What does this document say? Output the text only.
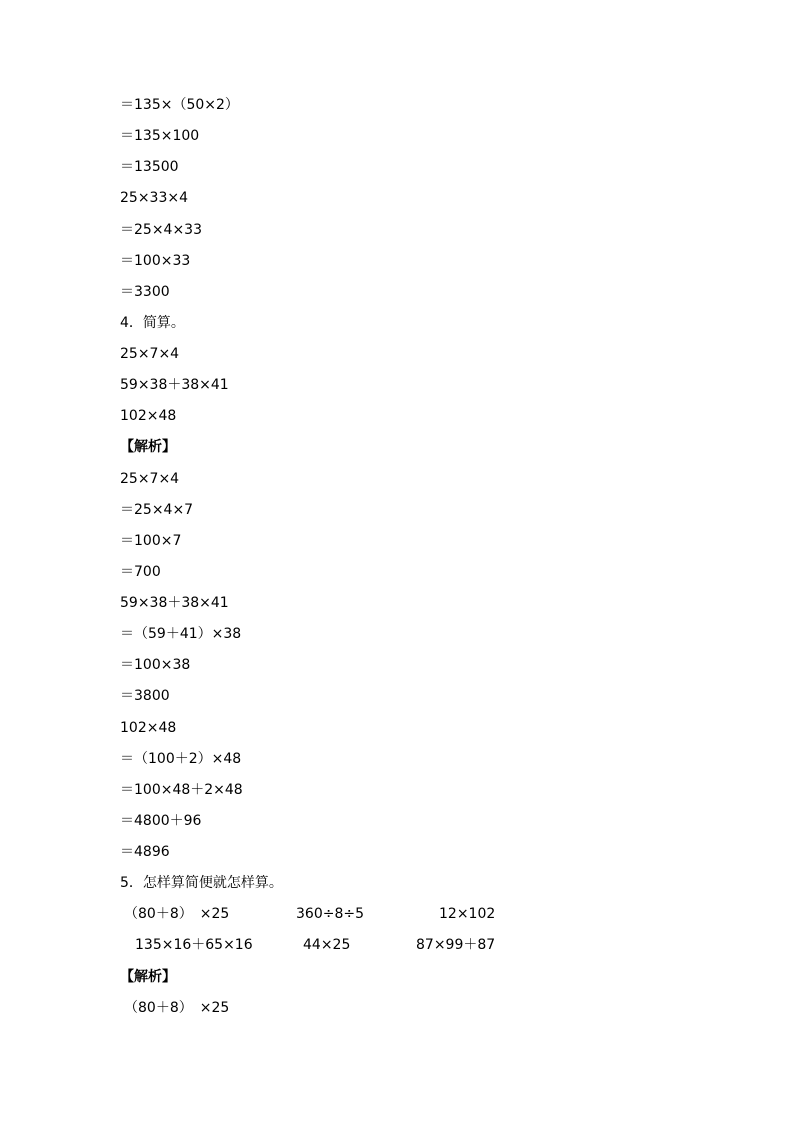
＝135×（50×2）
＝135×100
＝13500
25×33×4
＝25×4×33
＝100×33
＝3300
4．简算。
25×7×4
59×38＋38×41
102×48
【解析】
25×7×4
＝25×4×7
＝100×7
＝700
59×38＋38×41
＝（59＋41）×38
＝100×38
＝3800
102×48
＝（100＋2）×48
＝100×48＋2×48
＝4800＋96
＝4896
5．怎样算简便就怎样算。
（80＋8）　×25	360÷8÷5	12×102
135×16＋65×16	44×25	87×99＋87
【解析】
（80＋8）　×25
